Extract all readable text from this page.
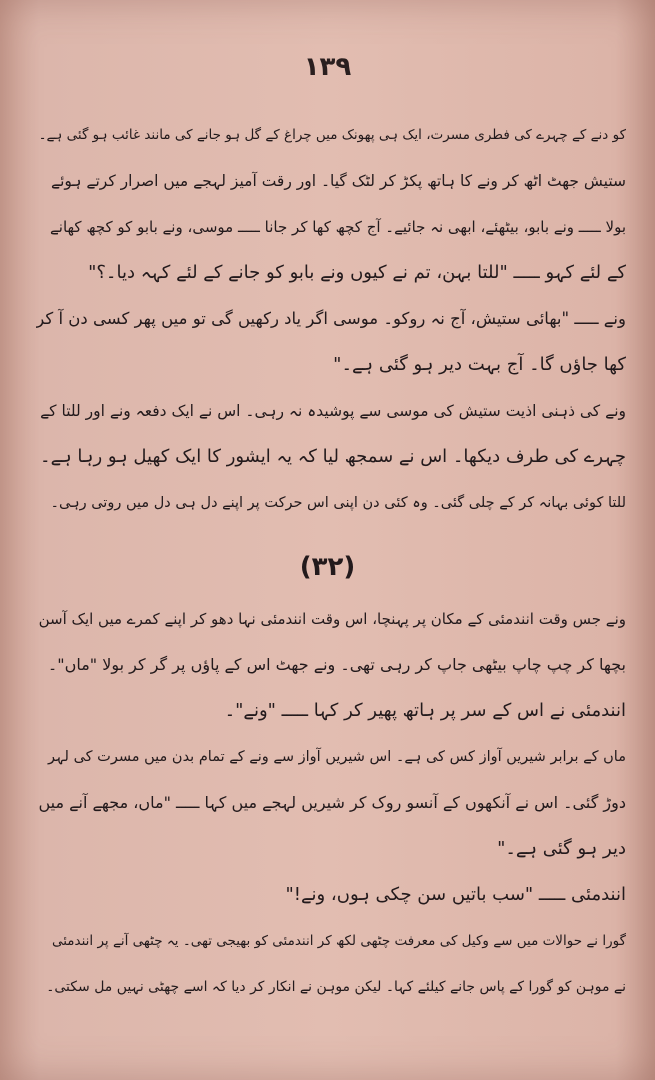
١٣٩
کو دنے کے چہرے کی فطری مسرت، ایک ہی پھونک میں چراغ کے گل ہو جانے کی مانند غائب ہو گئی ہے۔
ستیش جھٹ اٹھ کر ونے کا ہاتھ پکڑ کر لٹک گیا۔ اور رقت آمیز لہجے میں اصرار کرتے ہوئے
بولا ـــــ ونے بابو، بیٹھئے، ابھی نہ جائیے۔ آج کچھ کھا کر جانا ـــــ موسی، ونے بابو کو کچھ کھانے
کے لئے کہو ـــــ "للتا بہن، تم نے کیوں ونے بابو کو جانے کے لئے کہہ دیا۔؟"
ونے ـــــ "بھائی ستیش، آج نہ روکو۔ موسی اگر یاد رکھیں گی تو میں پھر کسی دن آ کر
کھا جاؤں گا۔ آج بہت دیر ہو گئی ہے۔"
ونے کی ذہنی اذیت ستیش کی موسی سے پوشیدہ نہ رہی۔ اس نے ایک دفعہ ونے اور للتا کے
چہرے کی طرف دیکھا۔ اس نے سمجھ لیا کہ یہ ایشور کا ایک کھیل ہو رہا ہے۔
للتا کوئی بہانہ کر کے چلی گئی۔ وہ کئی دن اپنی اس حرکت پر اپنے دل ہی دل میں روتی رہی۔
(٣٢)
ونے جس وقت انندمئی کے مکان پر پہنچا، اس وقت انندمئی نہا دھو کر اپنے کمرے میں ایک آسن
بچھا کر چپ چاپ بیٹھی جاپ کر رہی تھی۔ ونے جھٹ اس کے پاؤں پر گر کر بولا "ماں"۔
انندمئی نے اس کے سر پر ہاتھ پھیر کر کہا ـــــ "ونے"۔
ماں کے برابر شیریں آواز کس کی ہے۔ اس شیریں آواز سے ونے کے تمام بدن میں مسرت کی لہر
دوڑ گئی۔ اس نے آنکھوں کے آنسو روک کر شیریں لہجے میں کہا ـــــ "ماں، مجھے آنے میں
دیر ہو گئی ہے۔"
انندمئی ـــــ "سب باتیں سن چکی ہوں، ونے!"
گورا نے حوالات میں سے وکیل کی معرفت چٹھی لکھ کر انندمئی کو بھیجی تھی۔ یہ چٹھی آنے پر انندمئی
نے موہن کو گورا کے پاس جانے کیلئے کہا۔ لیکن موہن نے انکار کر دیا کہ اسے چھٹی نہیں مل سکتی۔
